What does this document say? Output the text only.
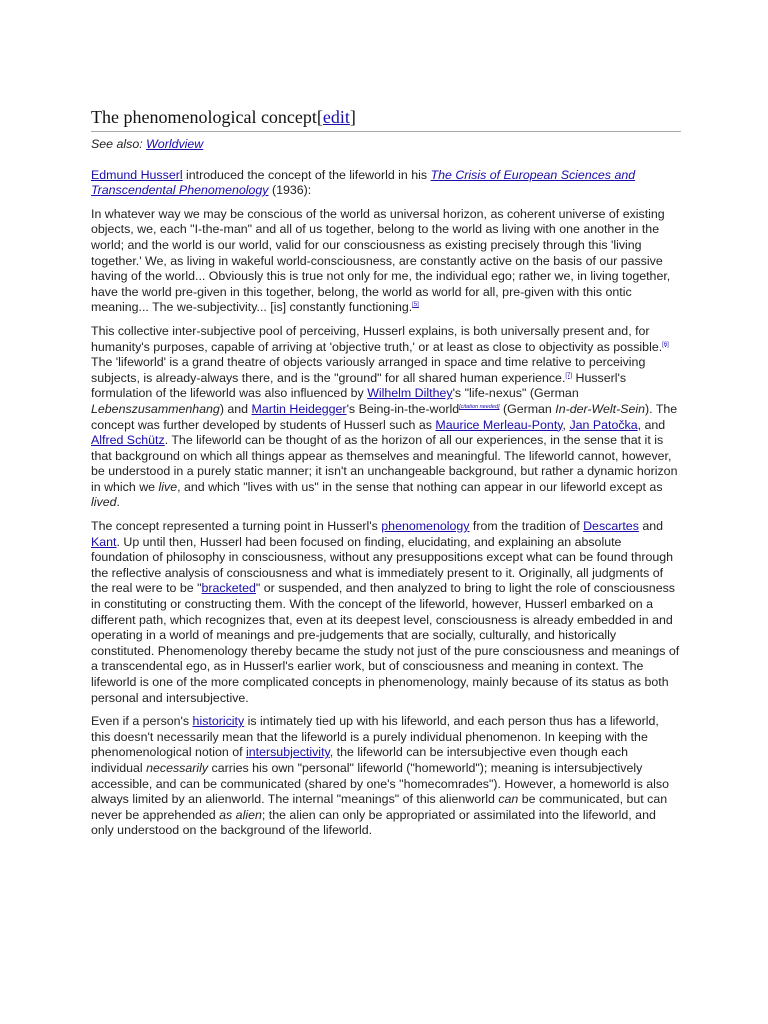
The phenomenological concept[edit]
See also: Worldview

Edmund Husserl introduced the concept of the lifeworld in his The Crisis of European Sciences and Transcendental Phenomenology (1936):

In whatever way we may be conscious of the world as universal horizon, as coherent universe of existing objects, we, each "I-the-man" and all of us together, belong to the world as living with one another in the world; and the world is our world, valid for our consciousness as existing precisely through this 'living together.' We, as living in wakeful world-consciousness, are constantly active on the basis of our passive having of the world... Obviously this is true not only for me, the individual ego; rather we, in living together, have the world pre-given in this together, belong, the world as world for all, pre-given with this ontic meaning... The we-subjectivity... [is] constantly functioning.[5]

This collective inter-subjective pool of perceiving, Husserl explains, is both universally present and, for humanity's purposes, capable of arriving at 'objective truth,' or at least as close to objectivity as possible.[6] The 'lifeworld' is a grand theatre of objects variously arranged in space and time relative to perceiving subjects, is already-always there, and is the "ground" for all shared human experience.[7] Husserl's formulation of the lifeworld was also influenced by Wilhelm Dilthey's "life-nexus" (German Lebenszusammenhang) and Martin Heidegger's Being-in-the-world[citation needed] (German In-der-Welt-Sein). The concept was further developed by students of Husserl such as Maurice Merleau-Ponty, Jan Patočka, and Alfred Schütz. The lifeworld can be thought of as the horizon of all our experiences, in the sense that it is that background on which all things appear as themselves and meaningful. The lifeworld cannot, however, be understood in a purely static manner; it isn't an unchangeable background, but rather a dynamic horizon in which we live, and which "lives with us" in the sense that nothing can appear in our lifeworld except as lived.

The concept represented a turning point in Husserl's phenomenology from the tradition of Descartes and Kant. Up until then, Husserl had been focused on finding, elucidating, and explaining an absolute foundation of philosophy in consciousness, without any presuppositions except what can be found through the reflective analysis of consciousness and what is immediately present to it. Originally, all judgments of the real were to be "bracketed" or suspended, and then analyzed to bring to light the role of consciousness in constituting or constructing them. With the concept of the lifeworld, however, Husserl embarked on a different path, which recognizes that, even at its deepest level, consciousness is already embedded in and operating in a world of meanings and pre-judgements that are socially, culturally, and historically constituted. Phenomenology thereby became the study not just of the pure consciousness and meanings of a transcendental ego, as in Husserl's earlier work, but of consciousness and meaning in context. The lifeworld is one of the more complicated concepts in phenomenology, mainly because of its status as both personal and intersubjective.

Even if a person's historicity is intimately tied up with his lifeworld, and each person thus has a lifeworld, this doesn't necessarily mean that the lifeworld is a purely individual phenomenon. In keeping with the phenomenological notion of intersubjectivity, the lifeworld can be intersubjective even though each individual necessarily carries his own "personal" lifeworld ("homeworld"); meaning is intersubjectively accessible, and can be communicated (shared by one's "homecomrades"). However, a homeworld is also always limited by an alienworld. The internal "meanings" of this alienworld can be communicated, but can never be apprehended as alien; the alien can only be appropriated or assimilated into the lifeworld, and only understood on the background of the lifeworld.
